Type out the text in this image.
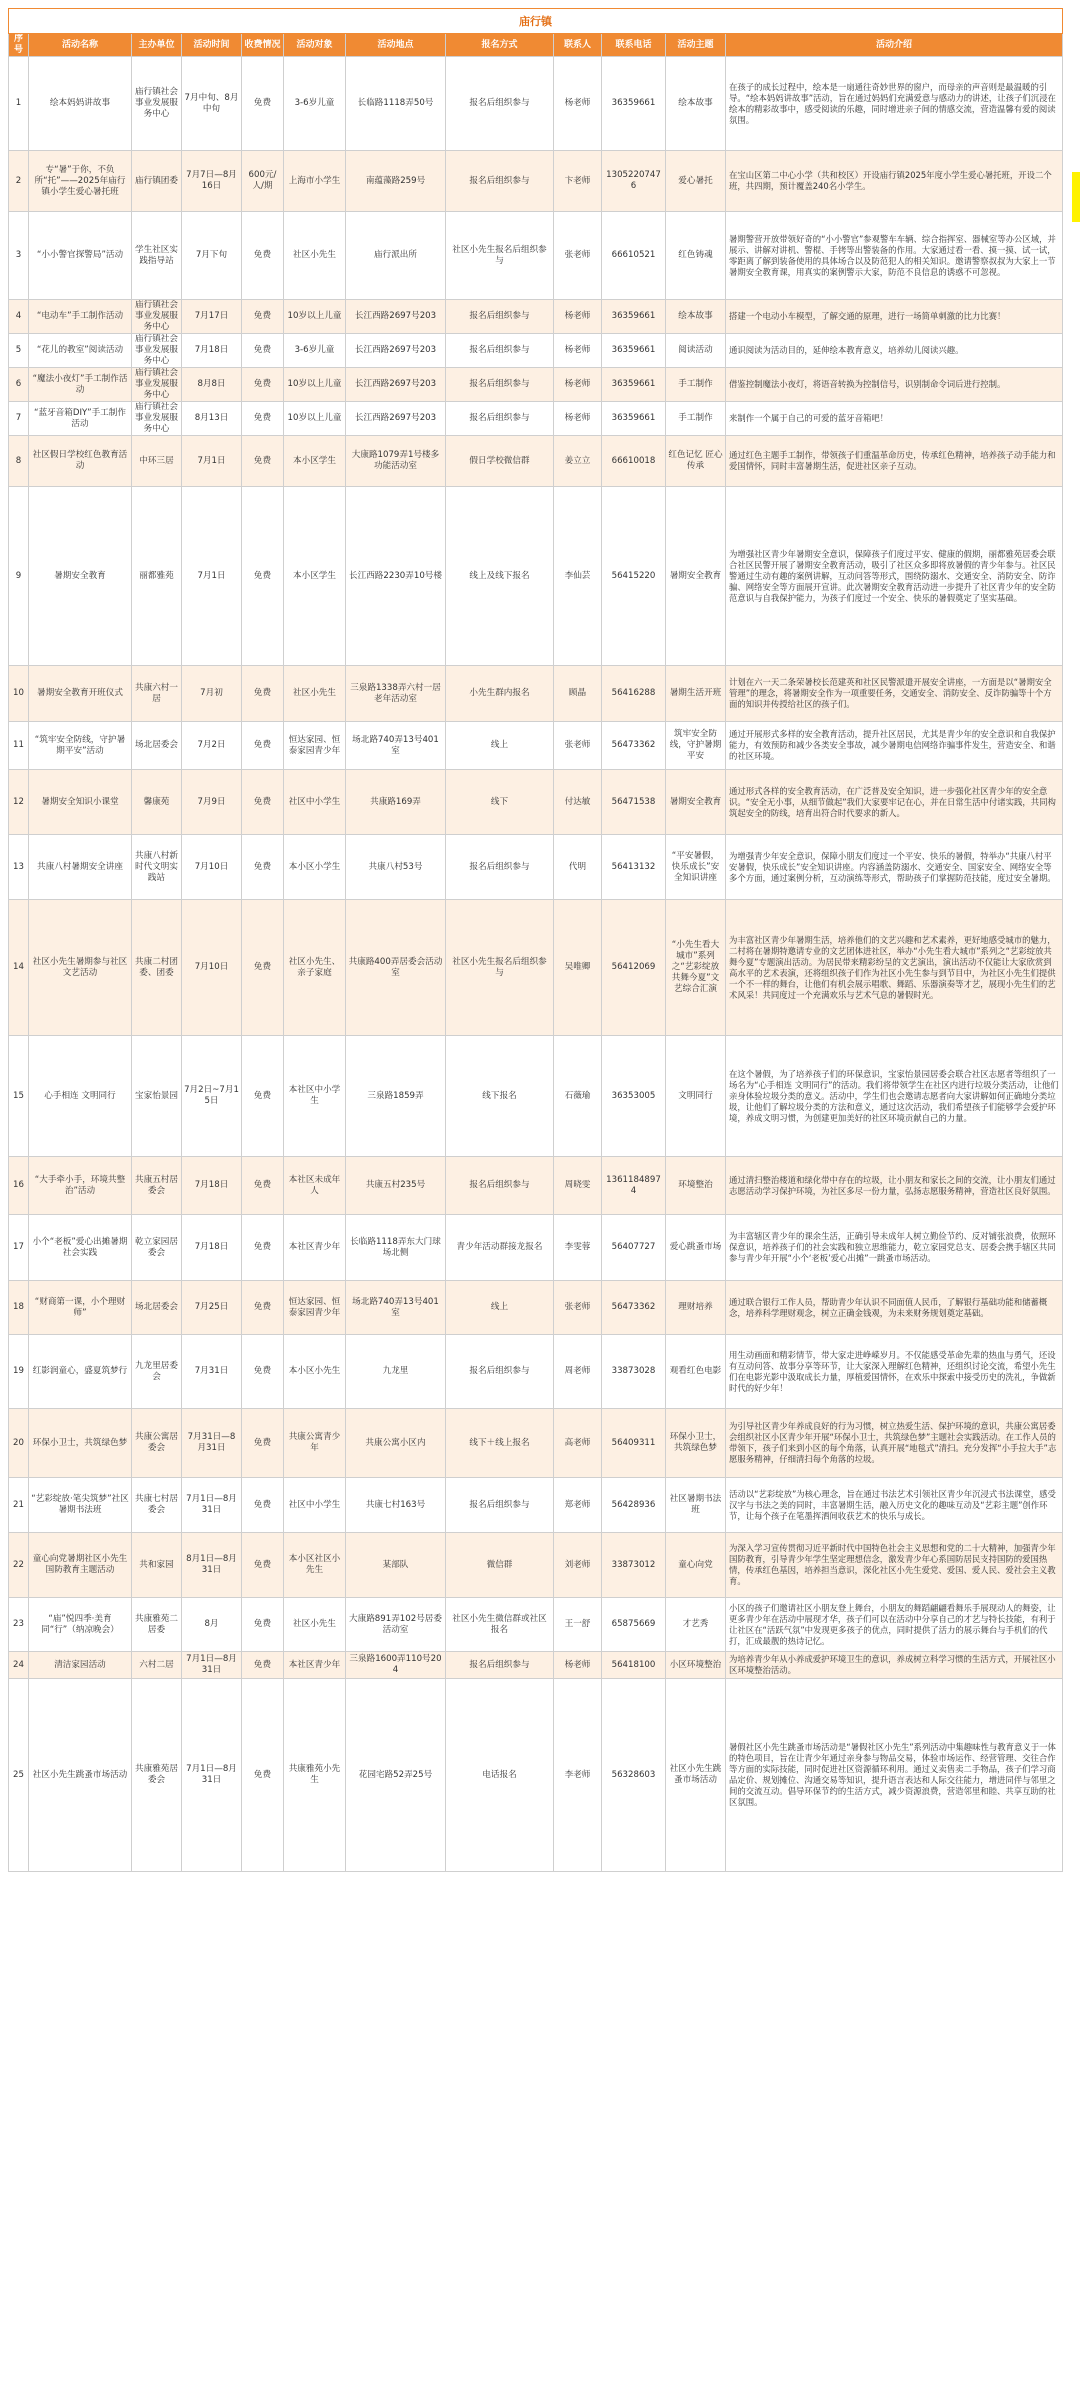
庙行镇											
序号	活动名称	主办单位	活动时间	收费情况	活动对象	活动地点	报名方式	联系人	联系电话	活动主题	活动介绍
1	绘本妈妈讲故事	庙行镇社会事业发展服务中心	7月中旬、8月中旬	免费	3-6岁儿童	长临路1118弄50号	报名后组织参与	杨老师	36359661	绘本故事	在孩子的成长过程中，绘本是一扇通往奇妙世界的窗户，而母亲的声音则是最温暖的引导。“绘本妈妈讲故事”活动，旨在通过妈妈们充满爱意与感动力的讲述，让孩子们沉浸在绘本的精彩故事中，感受阅读的乐趣，同时增进亲子间的情感交流，营造温馨有爱的阅读氛围。
2	专“暑”于你，不负所“托”——2025年庙行镇小学生爱心暑托班	庙行镇团委	7月7日—8月16日	600元/人/期	上海市小学生	南蕴藻路259号	报名后组织参与	卞老师	13052207476	爱心暑托	在宝山区第二中心小学（共和校区）开设庙行镇2025年度小学生爱心暑托班，开设二个班，共四期，预计覆盖240名小学生。
3	“小小警官探警局”活动	学生社区实践指导站	7月下旬	免费	社区小先生	庙行派出所	社区小先生报名后组织参与	张老师	66610521	红色铸魂	暑期警营开放带领好奇的“小小警官”参观警车车辆、综合指挥室、器械室等办公区域，并展示、讲解对讲机、警棍、手铐等出警装备的作用。大家通过看一看、摸一摸、试一试，零距离了解到装备使用的具体场合以及防范犯人的相关知识。邀请警察叔叔为大家上一节暑期安全教育课，用真实的案例警示大家，防范不良信息的诱惑不可忽视。
4	“电动车”手工制作活动	庙行镇社会事业发展服务中心	7月17日	免费	10岁以上儿童	长江西路2697号203	报名后组织参与	杨老师	36359661	绘本故事	搭建一个电动小车模型，了解交通的原理，进行一场简单刺激的比力比赛！
5	“花儿的教室”阅读活动	庙行镇社会事业发展服务中心	7月18日	免费	3-6岁儿童	长江西路2697号203	报名后组织参与	杨老师	36359661	阅读活动	通识阅读为活动目的，延伸绘本教育意义，培养幼儿阅读兴趣。
6	“魔法小夜灯”手工制作活动	庙行镇社会事业发展服务中心	8月8日	免费	10岁以上儿童	长江西路2697号203	报名后组织参与	杨老师	36359661	手工制作	借鉴控制魔法小夜灯，将语音转换为控制信号，识别制命令词后进行控制。
7	“蓝牙音箱DIY”手工制作活动	庙行镇社会事业发展服务中心	8月13日	免费	10岁以上儿童	长江西路2697号203	报名后组织参与	杨老师	36359661	手工制作	来制作一个属于自己的可爱的蓝牙音箱吧！
8	社区假日学校红色教育活动	中环三居	7月1日	免费	本小区学生	大康路1079弄1号楼多功能活动室	假日学校微信群	姜立立	66610018	红色记忆 匠心传承	通过红色主题手工制作，带领孩子们重温革命历史，传承红色精神，培养孩子动手能力和爱国情怀，同时丰富暑期生活，促进社区亲子互动。
9	暑期安全教育	丽都雅苑	7月1日	免费	本小区学生	长江西路2230弄10号楼	线上及线下报名	李仙芸	56415220	暑期安全教育	为增强社区青少年暑期安全意识，保障孩子们度过平安、健康的假期，丽都雅苑居委会联合社区民警开展了暑期安全教育活动，吸引了社区众多即将放暑假的青少年参与。社区民警通过生动有趣的案例讲解，互动问答等形式，围绕防溺水、交通安全、消防安全、防诈骗、网络安全等方面展开宣讲。此次暑期安全教育活动进一步提升了社区青少年的安全防范意识与自我保护能力，为孩子们度过一个安全、快乐的暑假奠定了坚实基础。
10	暑期安全教育开班仪式	共康六村一居	7月初	免费	社区小先生	三泉路1338弄六村一居老年活动室	小先生群内报名	顾晶	56416288	暑期生活开班	计划在六一天二条荣暑校长范建英和社区民警派遣开展安全讲座，一方面是以“暑期安全管理”的理念，将暑期安全作为一项重要任务，交通安全、消防安全、反诈防骗等十个方面的知识并传授给社区的孩子们。
11	“筑牢安全防线，守护暑期平安”活动	场北居委会	7月2日	免费	恒达家园、恒泰家园青少年	场北路740弄13号401室	线上	张老师	56473362	筑牢安全防线，守护暑期平安	通过开展形式多样的安全教育活动，提升社区居民，尤其是青少年的安全意识和自我保护能力，有效预防和减少各类安全事故，减少暑期电信网络诈骗事件发生，营造安全、和谐的社区环境。
12	暑期安全知识小课堂	馨康苑	7月9日	免费	社区中小学生	共康路169弄	线下	付达敏	56471538	暑期安全教育	通过形式各样的安全教育活动，在广泛普及安全知识，进一步强化社区青少年的安全意识。“安全无小事，从细节做起”我们大家要牢记在心，并在日常生活中付诸实践，共同构筑起安全的防线，培育出符合时代要求的新人。
13	共康八村暑期安全讲座	共康八村新时代文明实践站	7月10日	免费	本小区小学生	共康八村53号	报名后组织参与	代明	56413132	“平安暑假，快乐成长”安全知识讲座	为增强青少年安全意识，保障小朋友们度过一个平安、快乐的暑假，特举办“共康八村平安暑假，快乐成长”安全知识讲座。内容涵盖防溺水、交通安全、国家安全、网络安全等多个方面，通过案例分析，互动演练等形式，帮助孩子们掌握防范技能，度过安全暑期。
14	社区小先生暑期参与社区文艺活动	共康二村团委、团委	7月10日	免费	社区小先生、亲子家庭	共康路400弄居委会活动室	社区小先生报名后组织参与	吴唯卿	56412069	“小先生看大城市”系列之“艺彩绽放共舞今夏”文艺综合汇演	为丰富社区青少年暑期生活，培养他们的文艺兴趣和艺术素养，更好地感受城市的魅力，二村将在暑期特邀请专业的文艺团体进社区，举办“小先生看大城市”系列之“艺彩绽放共舞今夏”专题演出活动。为居民带来精彩纷呈的文艺演出，演出活动不仅能让大家欣赏到高水平的艺术表演，还将组织孩子们作为社区小先生参与到节目中，为社区小先生们提供一个不一样的舞台，让他们有机会展示唱歌、舞蹈、乐器演奏等才艺，展现小先生们的艺术风采！共同度过一个充满欢乐与艺术气息的暑假时光。
15	心手相连 文明同行	宝家怡景园	7月2日~7月15日	免费	本社区中小学生	三泉路1859弄	线下报名	石薇瑜	36353005	文明同行	在这个暑假，为了培养孩子们的环保意识，宝家怡景园居委会联合社区志愿者等组织了一场名为“心手相连 文明同行”的活动。我们将带领学生在社区内进行垃圾分类活动，让他们亲身体验垃圾分类的意义。活动中，学生们也会邀请志愿者向大家讲解如何正确地分类垃圾，让他们了解垃圾分类的方法和意义，通过这次活动，我们希望孩子们能够学会爱护环境，养成文明习惯，为创建更加美好的社区环境贡献自己的力量。
16	“大手牵小手，环境共整治”活动	共康五村居委会	7月18日	免费	本社区未成年人	共康五村235号	报名后组织参与	周晓雯	13611848974	环境整治	通过清扫整治楼道和绿化带中存在的垃圾，让小朋友和家长之间的交流，让小朋友们通过志愿活动学习保护环境，为社区多尽一份力量，弘扬志愿服务精神，营造社区良好氛围。
17	小个“老板”爱心出摊暑期社会实践	乾立家园居委会	7月18日	免费	本社区青少年	长临路1118弄东大门球场北侧	青少年活动群接龙报名	李雯蓉	56407727	爱心跳蚤市场	为丰富辖区青少年的课余生活，正确引导未成年人树立勤俭节约、反对铺张浪费，依照环保意识，培养孩子们的社会实践和独立思维能力，乾立家园党总支、居委会携手辖区共同参与青少年开展“小个‘老板’爱心出摊”一跳蚤市场活动。
18	“财商第一课，小个理财师”	场北居委会	7月25日	免费	恒达家园、恒泰家园青少年	场北路740弄13号401室	线上	张老师	56473362	理财培养	通过联合银行工作人员，帮助青少年认识不同面值人民币，了解银行基础功能和储蓄概念，培养科学理财观念，树立正确金钱观，为未来财务规划奠定基础。
19	红影润童心，盛夏筑梦行	九龙里居委会	7月31日	免费	本小区小先生	九龙里	报名后组织参与	周老师	33873028	观看红色电影	用生动画面和精彩情节，带大家走进峥嵘岁月。不仅能感受革命先辈的热血与勇气，还设有互动问答、故事分享等环节，让大家深入理解红色精神，还组织讨论交流，希望小先生们在电影光影中汲取成长力量，厚植爱国情怀，在欢乐中探索中接受历史的洗礼，争做新时代的好少年！
20	环保小卫士，共筑绿色梦	共康公寓居委会	7月31日—8月31日	免费	共康公寓青少年	共康公寓小区内	线下＋线上报名	高老师	56409311	环保小卫士，共筑绿色梦	为引导社区青少年养成良好的行为习惯，树立热爱生活、保护环境的意识，共康公寓居委会组织社区小区青少年开展“环保小卫士，共筑绿色梦”主题社会实践活动。在工作人员的带领下，孩子们来到小区的每个角落，认真开展“地毯式”清扫。充分发挥“小手拉大手”志愿服务精神，仔细清扫每个角落的垃圾。
21	“艺彩绽放·笔尖筑梦”社区暑期书法班	共康七村居委会	7月1日—8月31日	免费	社区中小学生	共康七村163号	报名后组织参与	郑老师	56428936	社区暑期书法班	活动以“艺彩绽放”为核心理念，旨在通过书法艺术引领社区青少年沉浸式书法课堂，感受汉字与书法之美的同时，丰富暑期生活，融入历史文化的趣味互动及“艺彩主题”创作环节，让每个孩子在笔墨挥洒间收获艺术的快乐与成长。
22	童心向党暑期社区小先生国防教育主题活动	共和家园	8月1日—8月31日	免费	本小区社区小先生	某部队	微信群	刘老师	33873012	童心向党	为深入学习宣传贯彻习近平新时代中国特色社会主义思想和党的二十大精神，加强青少年国防教育，引导青少年学生坚定理想信念，激发青少年心系国防居民支持国防的爱国热情，传承红色基因，培养担当意识，深化社区小先生爱党、爱国、爱人民、爱社会主义教育。
23	“庙”悦四季·美育同“行”（纳凉晚会）	共康雅苑二居委	8月	免费	社区小先生	大康路891弄102号居委活动室	社区小先生微信群或社区报名	王一舒	65875669	才艺秀	小区的孩子们邀请社区小朋友登上舞台，小朋友的舞蹈翩翩看舞乐手展现动人的舞姿，让更多青少年在活动中展现才华，孩子们可以在活动中分享自己的才艺与特长技能，有利于让社区在“活跃气氛”中发现更多孩子的优点，同时提供了活力的展示舞台与手机们的代打，汇成最靓的热诗记忆。
24	清洁家园活动	六村二居	7月1日—8月31日	免费	本社区青少年	三泉路1600弄110号204	报名后组织参与	杨老师	56418100	小区环境整治	为培养青少年从小养成爱护环境卫生的意识，养成树立科学习惯的生活方式，开展社区小区环境整治活动。
25	社区小先生跳蚤市场活动	共康雅苑居委会	7月1日—8月31日	免费	共康雅苑小先生	花园宅路52弄25号	电话报名	李老师	56328603	社区小先生跳蚤市场活动	暑假社区小先生跳蚤市场活动是“暑假社区小先生”系列活动中集趣味性与教育意义于一体的特色项目，旨在让青少年通过亲身参与物品交易，体验市场运作、经营管理、交往合作等方面的实际技能，同时促进社区资源循环利用。通过义卖售卖二手物品，孩子们学习商品定价、规划摊位、沟通交易等知识，提升语言表达和人际交往能力，增进同伴与邻里之间的交流互动。倡导环保节约的生活方式，减少资源浪费，营造邻里和睦、共享互助的社区氛围。
